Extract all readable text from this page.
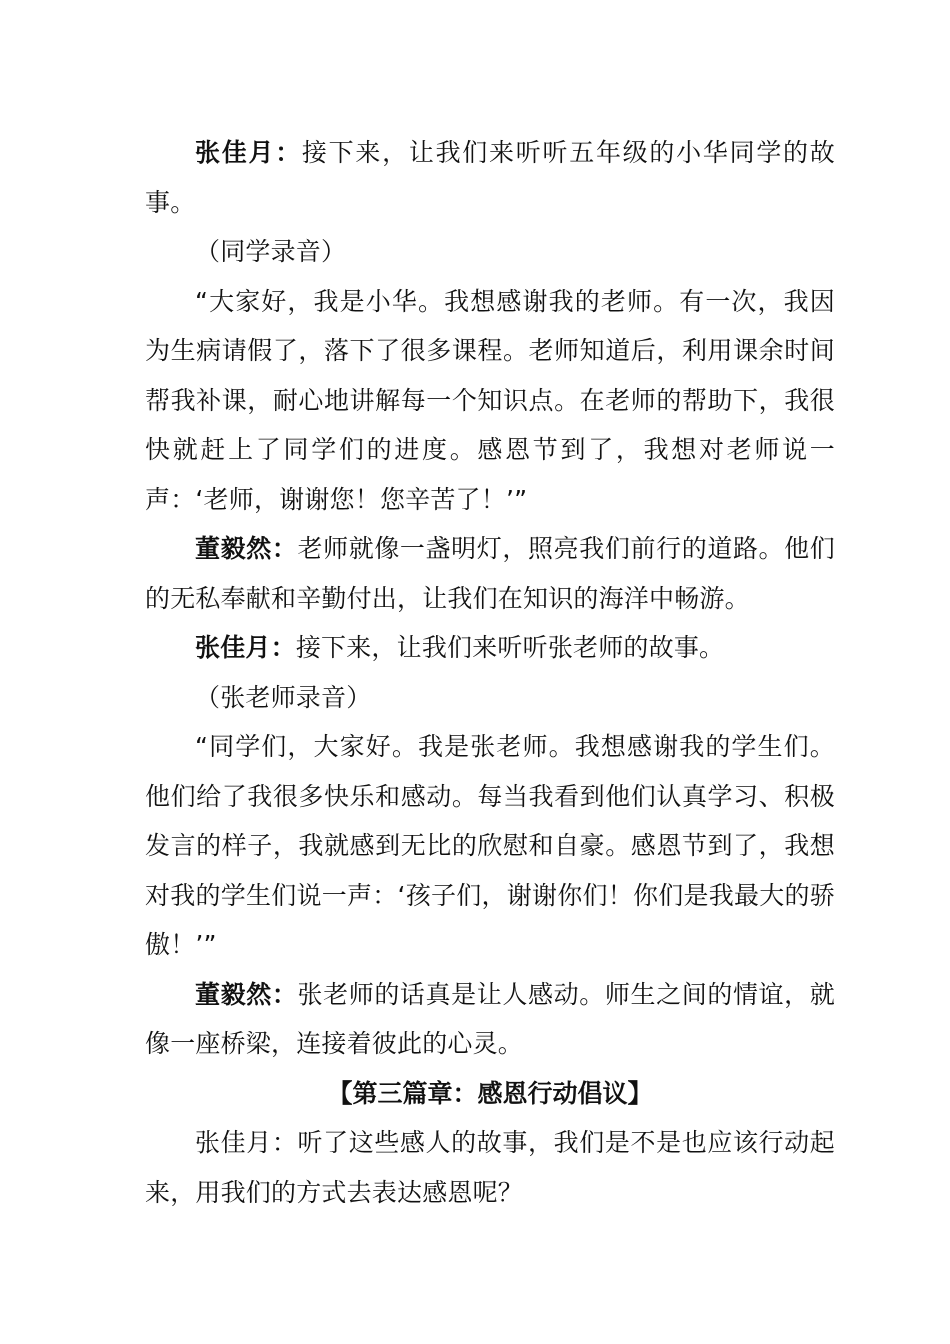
张佳月：接下来，让我们来听听五年级的小华同学的故事。

（同学录音）

“大家好，我是小华。我想感谢我的老师。有一次，我因为生病请假了，落下了很多课程。老师知道后，利用课余时间帮我补课，耐心地讲解每一个知识点。在老师的帮助下，我很快就赶上了同学们的进度。感恩节到了，我想对老师说一声：‘老师，谢谢您！您辛苦了！’”

董毅然：老师就像一盏明灯，照亮我们前行的道路。他们的无私奉献和辛勤付出，让我们在知识的海洋中畅游。

张佳月：接下来，让我们来听听张老师的故事。

（张老师录音）

“同学们，大家好。我是张老师。我想感谢我的学生们。他们给了我很多快乐和感动。每当我看到他们认真学习、积极发言的样子，我就感到无比的欣慰和自豪。感恩节到了，我想对我的学生们说一声：‘孩子们，谢谢你们！你们是我最大的骄傲！’”

董毅然：张老师的话真是让人感动。师生之间的情谊，就像一座桥梁，连接着彼此的心灵。

【第三篇章：感恩行动倡议】

张佳月：听了这些感人的故事，我们是不是也应该行动起来，用我们的方式去表达感恩呢？
